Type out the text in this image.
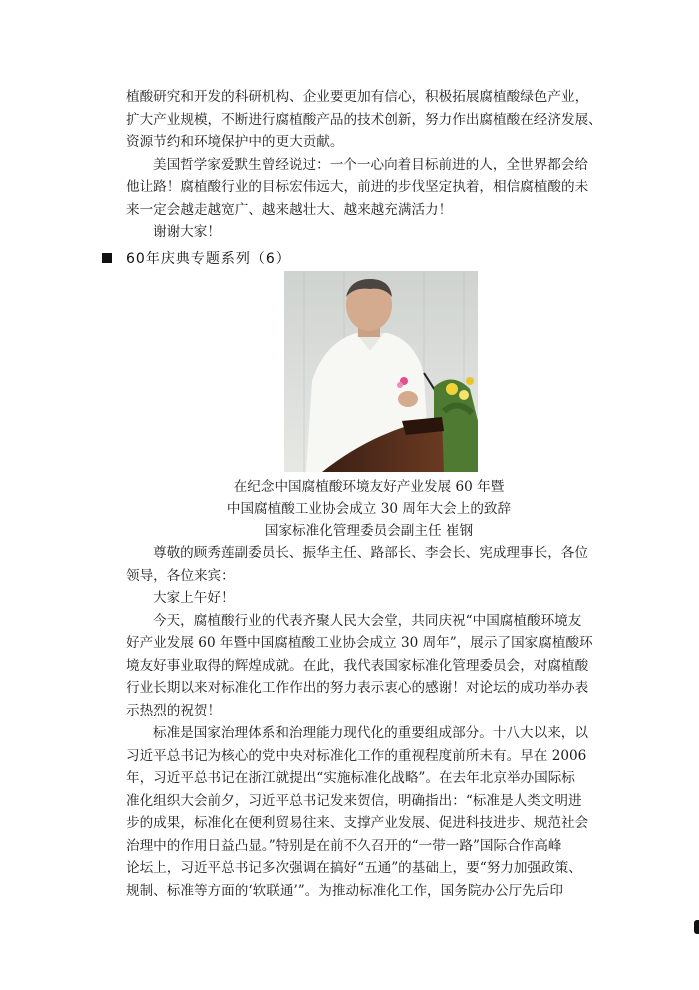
植酸研究和开发的科研机构、企业要更加有信心，积极拓展腐植酸绿色产业，

扩大产业规模，不断进行腐植酸产品的技术创新，努力作出腐植酸在经济发展、

资源节约和环境保护中的更大贡献。

美国哲学家爱默生曾经说过：一个一心向着目标前进的人，全世界都会给

他让路！腐植酸行业的目标宏伟远大，前进的步伐坚定执着，相信腐植酸的未

来一定会越走越宽广、越来越壮大、越来越充满活力！

谢谢大家！

60年庆典专题系列（6）

在纪念中国腐植酸环境友好产业发展 60 年暨

中国腐植酸工业协会成立 30 周年大会上的致辞

国家标准化管理委员会副主任 崔钢

尊敬的顾秀莲副委员长、振华主任、路部长、李会长、宪成理事长，各位

领导，各位来宾：

大家上午好！

今天，腐植酸行业的代表齐聚人民大会堂，共同庆祝“中国腐植酸环境友

好产业发展 60 年暨中国腐植酸工业协会成立 30 周年”，展示了国家腐植酸环

境友好事业取得的辉煌成就。在此，我代表国家标准化管理委员会，对腐植酸

行业长期以来对标准化工作作出的努力表示衷心的感谢！对论坛的成功举办表

示热烈的祝贺！

标准是国家治理体系和治理能力现代化的重要组成部分。十八大以来，以

习近平总书记为核心的党中央对标准化工作的重视程度前所未有。早在 2006

年，习近平总书记在浙江就提出“实施标准化战略”。在去年北京举办国际标

准化组织大会前夕，习近平总书记发来贺信，明确指出：“标准是人类文明进

步的成果，标准化在便利贸易往来、支撑产业发展、促进科技进步、规范社会

治理中的作用日益凸显。”特别是在前不久召开的“一带一路”国际合作高峰

论坛上，习近平总书记多次强调在搞好“五通”的基础上，要“努力加强政策、

规制、标准等方面的‘软联通’”。为推动标准化工作，国务院办公厅先后印
